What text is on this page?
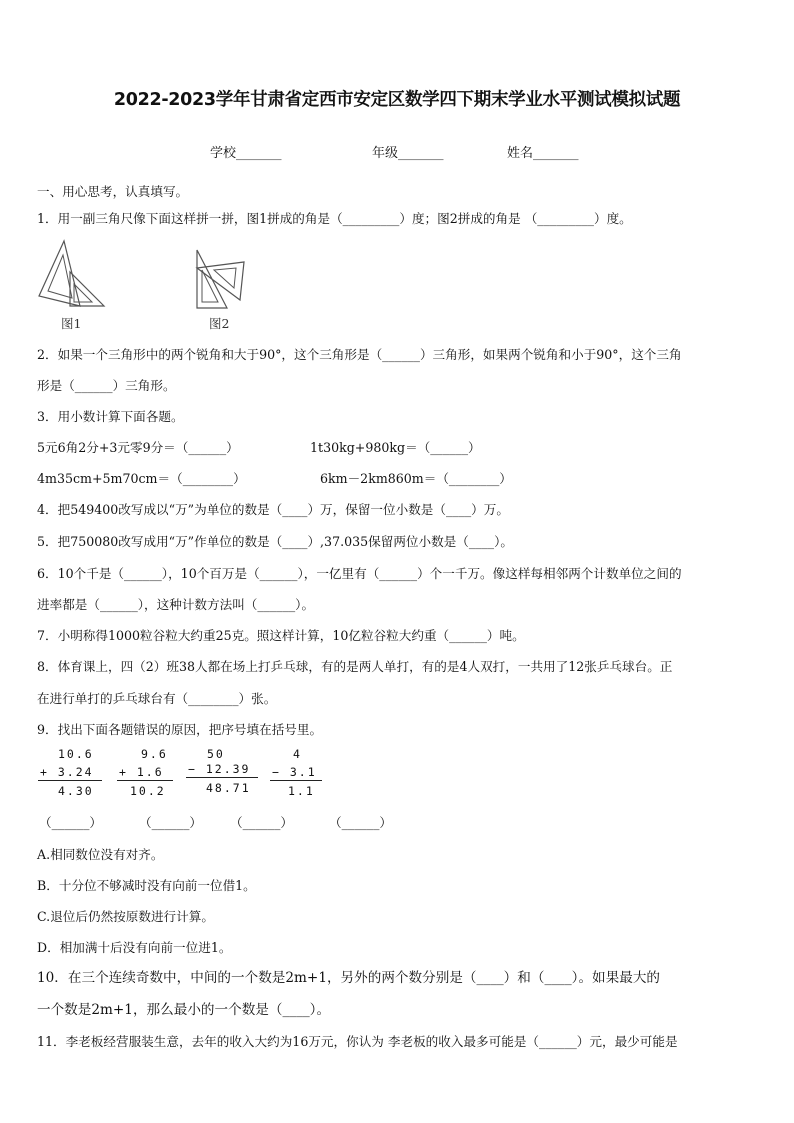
2022-2023学年甘肃省定西市安定区数学四下期末学业水平测试模拟试题
学校_______	年级_______	姓名_______
一、用心思考，认真填写。
1．用一副三角尺像下面这样拼一拼，图1拼成的角是（_________）度；图2拼成的角是 （_________）度。
图1	图2
2．如果一个三角形中的两个锐角和大于90°，这个三角形是（______）三角形，如果两个锐角和小于90°，这个三角
形是（______）三角形。
3．用小数计算下面各题。
5元6角2分+3元零9分＝（______）	1t30kg+980kg＝（______）
4m35cm+5m70cm＝（________）	6km－2km860m＝（________）
4．把549400改写成以“万”为单位的数是（____）万，保留一位小数是（____）万。
5．把750080改写成用“万”作单位的数是（____）,37.035保留两位小数是（____）。
6．10个千是（______），10个百万是（______），一亿里有（______）个一千万。像这样每相邻两个计数单位之间的
进率都是（______），这种计数方法叫（______）。
7．小明称得1000粒谷粒大约重25克。照这样计算，10亿粒谷粒大约重（______）吨。
8．体育课上，四（2）班38人都在场上打乒乓球，有的是两人单打，有的是4人双打，一共用了12张乒乓球台。正
在进行单打的乒乓球台有（________）张。
9．找出下面各题错误的原因，把序号填在括号里。
10.6
+ 3.24
4.30
9.6
+ 1.6
10.2
50
− 12.39
48.71
4
− 3.1
1.1
（______）	（______） （______）	（______）
A.相同数位没有对齐。
B．十分位不够减时没有向前一位借1。
C.退位后仍然按原数进行计算。
D．相加满十后没有向前一位进1。
10．在三个连续奇数中，中间的一个数是2m+1，另外的两个数分别是（____）和（____）。如果最大的
一个数是2m+1，那么最小的一个数是（____）。
11．李老板经营服装生意，去年的收入大约为16万元，你认为 李老板的收入最多可能是（______）元，最少可能是
